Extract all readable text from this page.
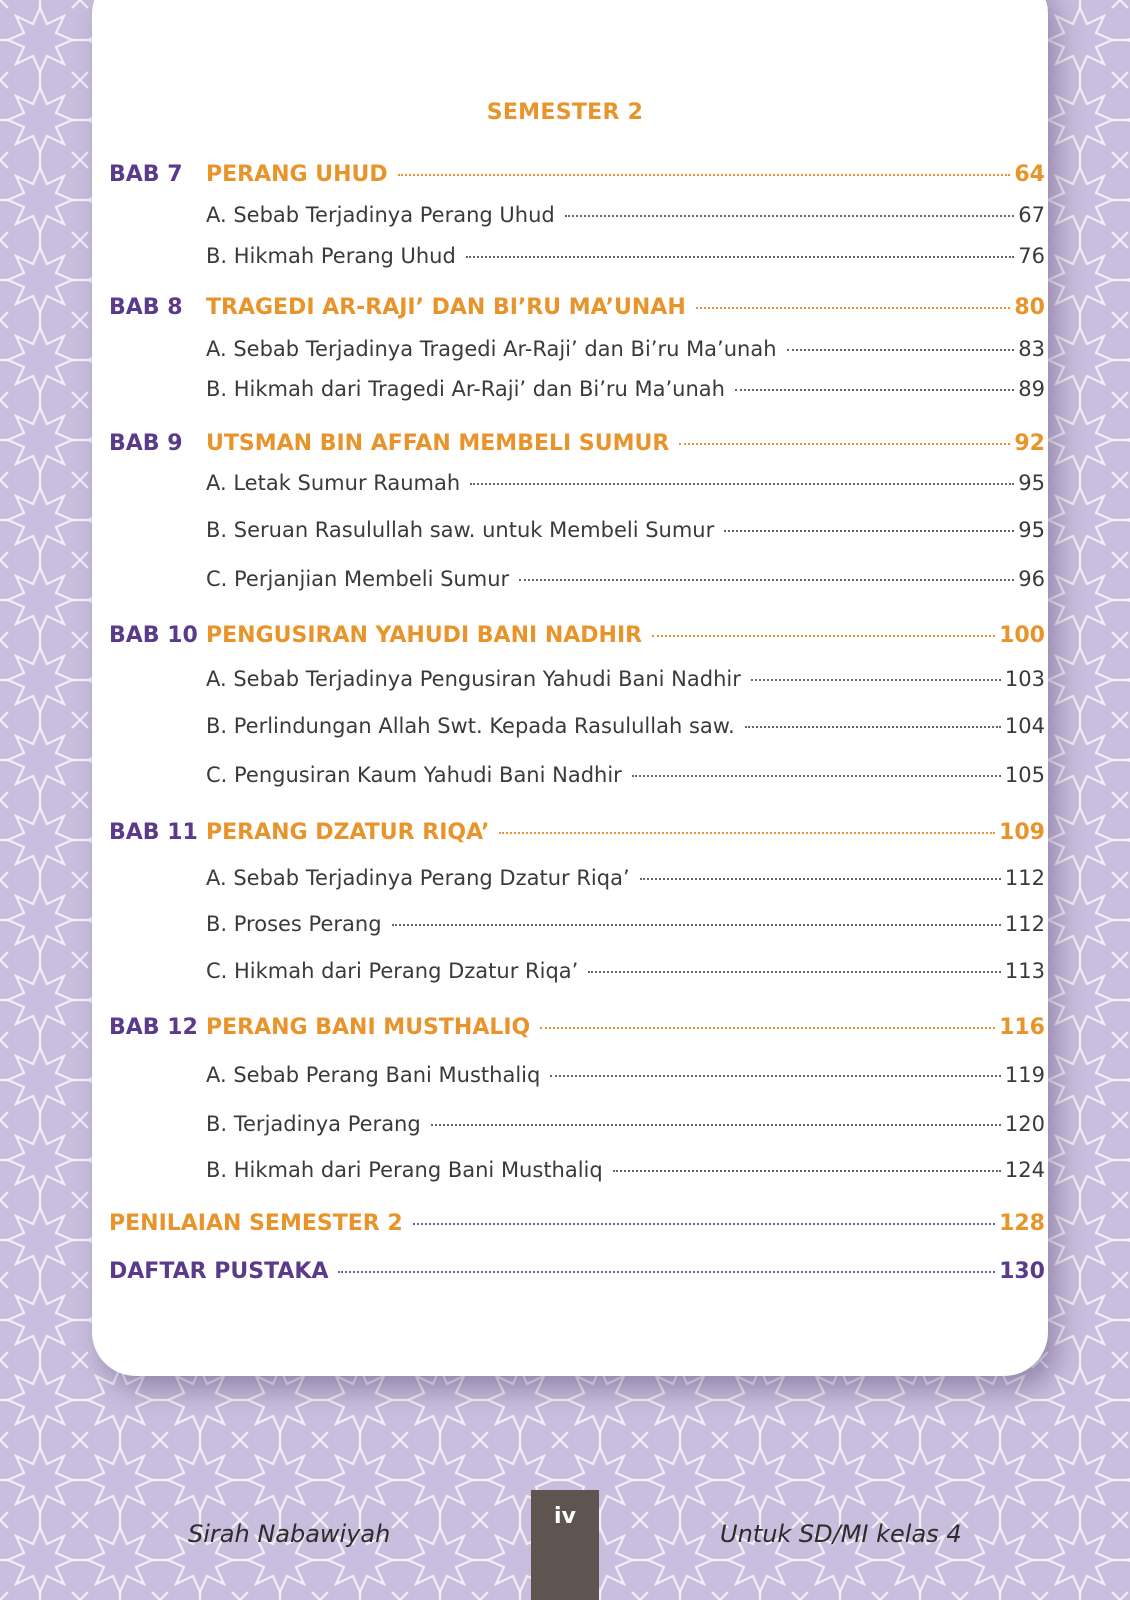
SEMESTER 2
BAB 7 PERANG UHUD	64
A. Sebab Terjadinya Perang Uhud	67
B. Hikmah Perang Uhud	76
BAB 8 TRAGEDI AR-RAJI’ DAN BI’RU MA’UNAH	80
A. Sebab Terjadinya Tragedi Ar-Raji’ dan Bi’ru Ma’unah	83
B. Hikmah dari Tragedi Ar-Raji’ dan Bi’ru Ma’unah	89
BAB 9 UTSMAN BIN AFFAN MEMBELI SUMUR	92
A. Letak Sumur Raumah	95
B. Seruan Rasulullah saw. untuk Membeli Sumur	95
C. Perjanjian Membeli Sumur	96
BAB 10 PENGUSIRAN YAHUDI BANI NADHIR	100
A. Sebab Terjadinya Pengusiran Yahudi Bani Nadhir	103
B. Perlindungan Allah Swt. Kepada Rasulullah saw.	104
C. Pengusiran Kaum Yahudi Bani Nadhir	105
BAB 11 PERANG DZATUR RIQA’	109
A. Sebab Terjadinya Perang Dzatur Riqa’	112
B. Proses Perang	112
C. Hikmah dari Perang Dzatur Riqa’	113
BAB 12 PERANG BANI MUSTHALIQ	116
A. Sebab Perang Bani Musthaliq	119
B. Terjadinya Perang	120
B. Hikmah dari Perang Bani Musthaliq	124
PENILAIAN SEMESTER 2	128
DAFTAR PUSTAKA	130
Sirah Nabawiyah
iv
Untuk SD/MI kelas 4
